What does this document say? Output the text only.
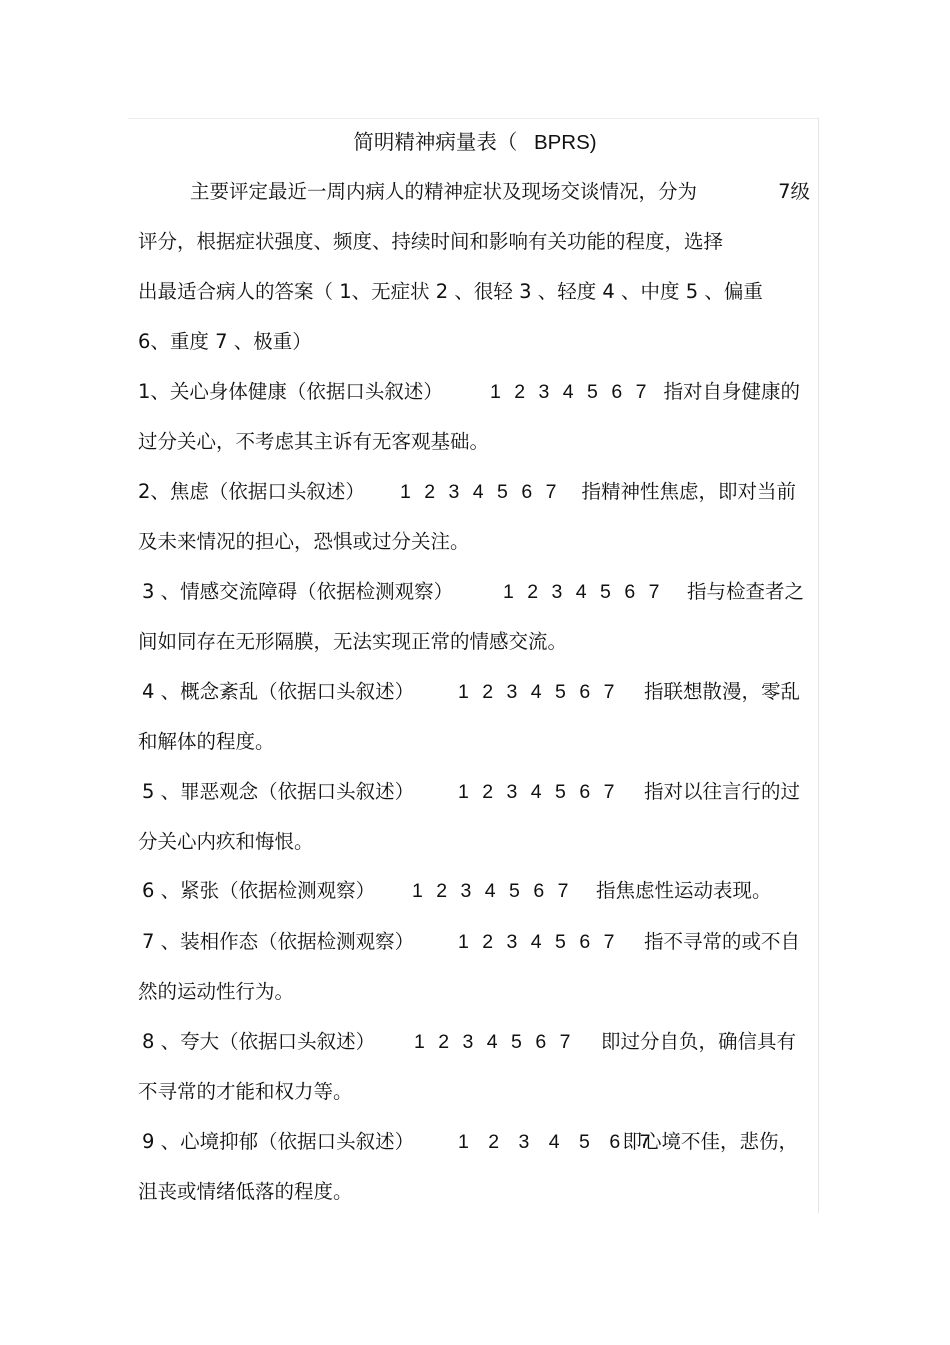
简明精神病量表（ BPRS)
主要评定最近一周内病人的精神症状及现场交谈情况，分为	7级
评分，根据症状强度、频度、持续时间和影响有关功能的程度，选择
出最适合病人的答案（ 1、无症状 2 、很轻 3 、轻度 4 、中度 5 、偏重
6、重度 7 、极重）
1、关心身体健康（依据口头叙述） 1 2 3 4 5 6 7 指对自身健康的
过分关心，不考虑其主诉有无客观基础。
2、焦虑（依据口头叙述） 1 2 3 4 5 6 7 指精神性焦虑，即对当前
及未来情况的担心，恐惧或过分关注。
3 、情感交流障碍（依据检测观察）	1 2 3 4 5 6 7 指与检查者之
间如同存在无形隔膜，无法实现正常的情感交流。
4 、概念紊乱（依据口头叙述） 1 2 3 4 5 6 7 指联想散漫，零乱
和解体的程度。
5 、罪恶观念（依据口头叙述） 1 2 3 4 5 6 7 指对以往言行的过
分关心内疚和悔恨。
6 、紧张（依据检测观察） 1 2 3 4 5 6 7 指焦虑性运动表现。
7 、装相作态（依据检测观察） 1 2 3 4 5 6 7 指不寻常的或不自
然的运动性行为。
8 、夸大（依据口头叙述） 1 2 3 4 5 6 7 即过分自负，确信具有
不寻常的才能和权力等。
9 、心境抑郁（依据口头叙述） 1 2 3 4 5 6 7
即心境不佳，悲伤，
沮丧或情绪低落的程度。
